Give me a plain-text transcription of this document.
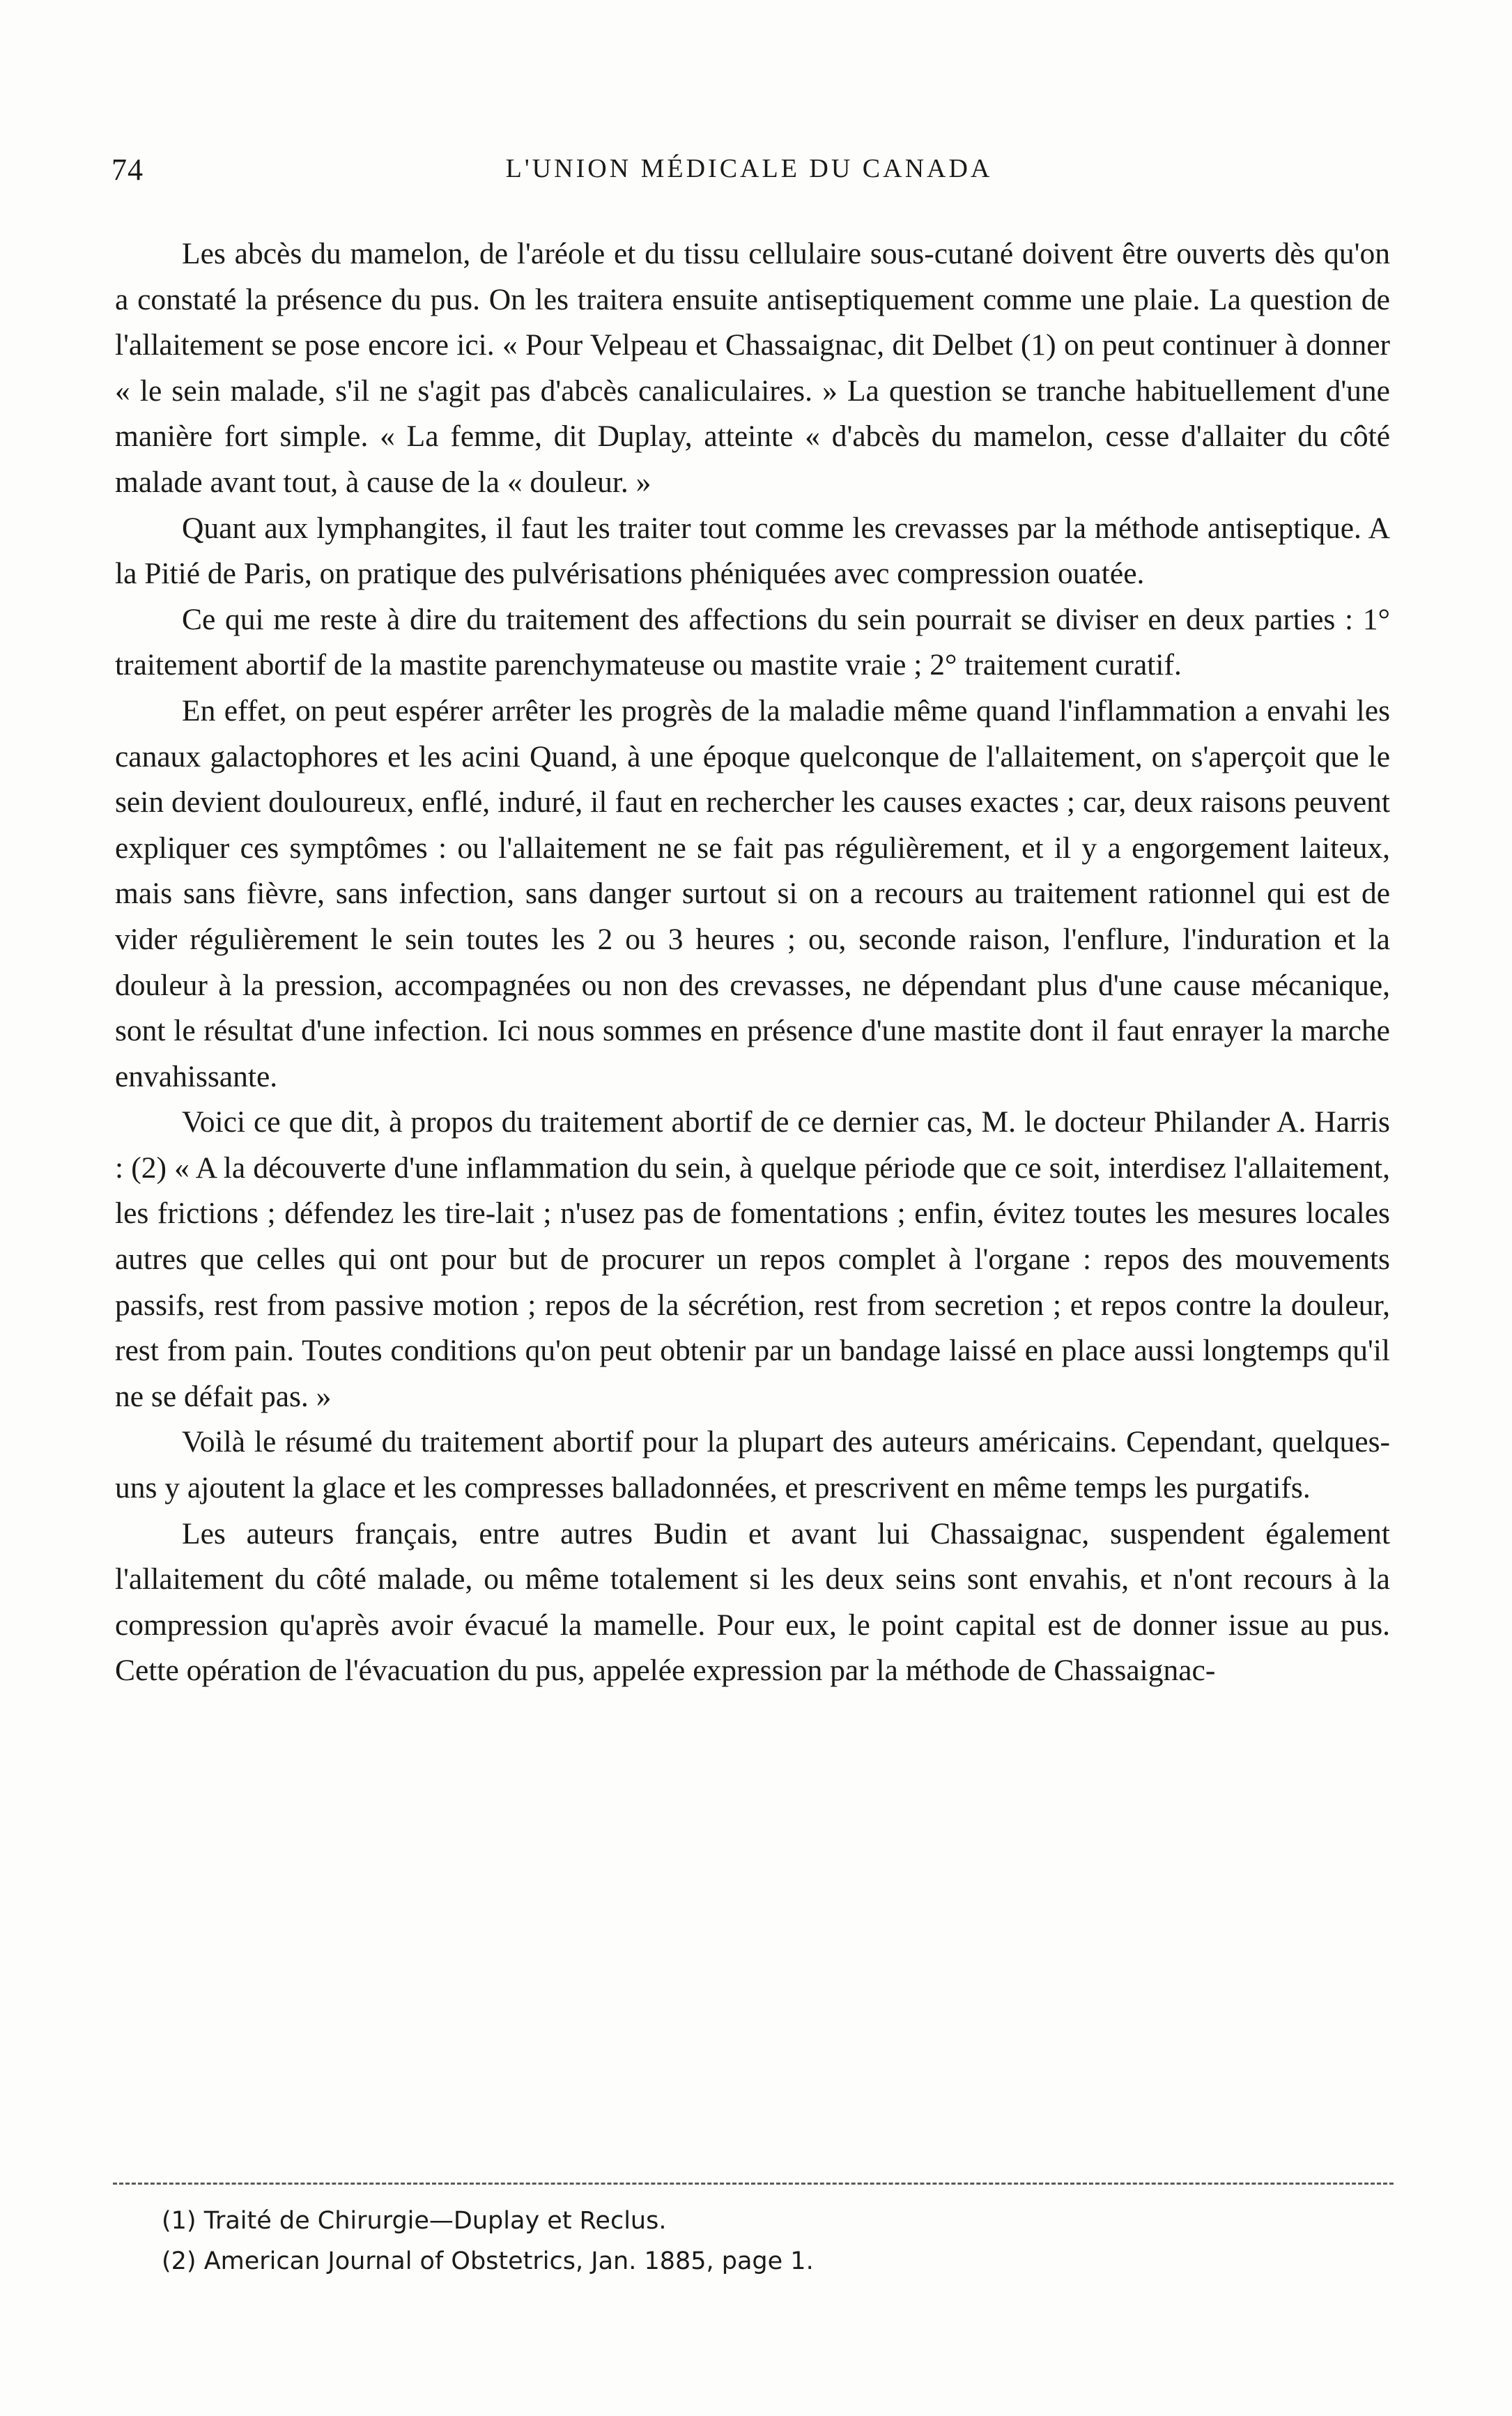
74	L'UNION MÉDICALE DU CANADA

Les abcès du mamelon, de l'aréole et du tissu cellulaire sous-cutané doivent être ouverts dès qu'on a constaté la présence du pus. On les traitera ensuite antiseptiquement comme une plaie. La question de l'allaitement se pose encore ici. « Pour Velpeau et Chassaignac, dit Delbet (1) on peut continuer à donner « le sein malade, s'il ne s'agit pas d'abcès canaliculaires. » La question se tranche habituellement d'une manière fort simple. « La femme, dit Duplay, atteinte « d'abcès du mamelon, cesse d'allaiter du côté malade avant tout, à cause de la « douleur. »

Quant aux lymphangites, il faut les traiter tout comme les crevasses par la méthode antiseptique. A la Pitié de Paris, on pratique des pulvérisations phéniquées avec compression ouatée.

Ce qui me reste à dire du traitement des affections du sein pourrait se diviser en deux parties : 1° traitement abortif de la mastite parenchymateuse ou mastite vraie ; 2° traitement curatif.

En effet, on peut espérer arrêter les progrès de la maladie même quand l'inflammation a envahi les canaux galactophores et les acini Quand, à une époque quelconque de l'allaitement, on s'aperçoit que le sein devient douloureux, enflé, induré, il faut en rechercher les causes exactes ; car, deux raisons peuvent expliquer ces symptômes : ou l'allaitement ne se fait pas régulièrement, et il y a engorgement laiteux, mais sans fièvre, sans infection, sans danger surtout si on a recours au traitement rationnel qui est de vider régulièrement le sein toutes les 2 ou 3 heures ; ou, seconde raison, l'enflure, l'induration et la douleur à la pression, accompagnées ou non des crevasses, ne dépendant plus d'une cause mécanique, sont le résultat d'une infection. Ici nous sommes en présence d'une mastite dont il faut enrayer la marche envahissante.

Voici ce que dit, à propos du traitement abortif de ce dernier cas, M. le docteur Philander A. Harris : (2) « A la découverte d'une inflammation du sein, à quelque période que ce soit, interdisez l'allaitement, les frictions ; défendez les tire-lait ; n'usez pas de fomentations ; enfin, évitez toutes les mesures locales autres que celles qui ont pour but de procurer un repos complet à l'organe : repos des mouvements passifs, rest from passive motion ; repos de la sécrétion, rest from secretion ; et repos contre la douleur, rest from pain. Toutes conditions qu'on peut obtenir par un bandage laissé en place aussi longtemps qu'il ne se défait pas. »

Voilà le résumé du traitement abortif pour la plupart des auteurs américains. Cependant, quelques-uns y ajoutent la glace et les compresses balladonnées, et prescrivent en même temps les purgatifs.

Les auteurs français, entre autres Budin et avant lui Chassaignac, suspendent également l'allaitement du côté malade, ou même totalement si les deux seins sont envahis, et n'ont recours à la compression qu'après avoir évacué la mamelle. Pour eux, le point capital est de donner issue au pus. Cette opération de l'évacuation du pus, appelée expression par la méthode de Chassaignac-

(1) Traité de Chirurgie—Duplay et Reclus.
(2) American Journal of Obstetrics, Jan. 1885, page 1.
